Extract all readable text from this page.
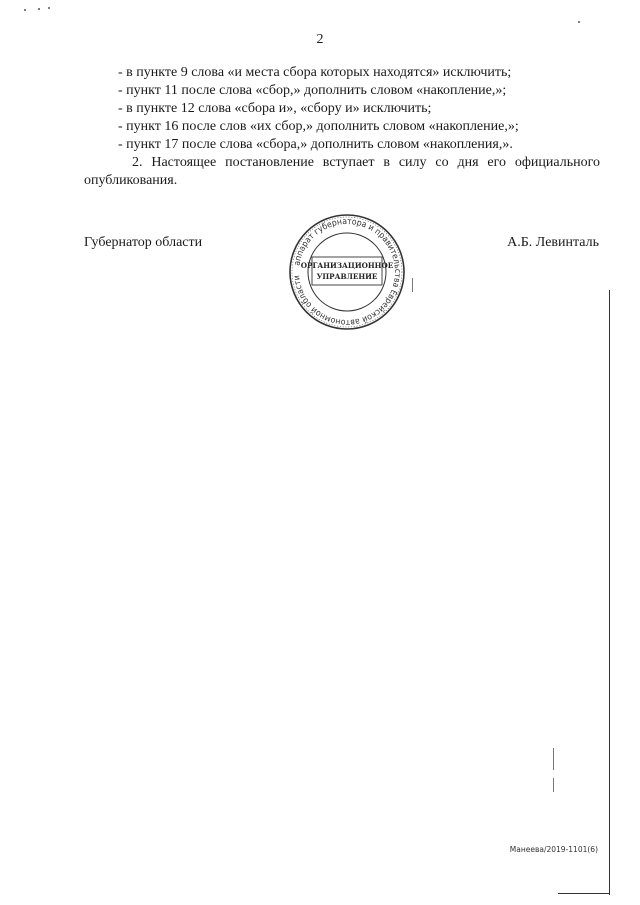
2
- в пункте 9 слова «и места сбора которых находятся» исключить;
- пункт 11 после слова «сбор,» дополнить словом «накопление,»;
- в пункте 12 слова «сбора и», «сбору и» исключить;
- пункт 16 после слов «их сбор,» дополнить словом «накопление,»;
- пункт 17 после слова «сбора,» дополнить словом «накопления,».

2. Настоящее постановление вступает в силу со дня его официального опубликования.

Губернатор области	А.Б. Левинталь
аппарат губернатора и правительства Еврейской автономной области
ОРГАНИЗАЦИОННОЕ
УПРАВЛЕНИЕ
Манеева/2019-1101(6)
